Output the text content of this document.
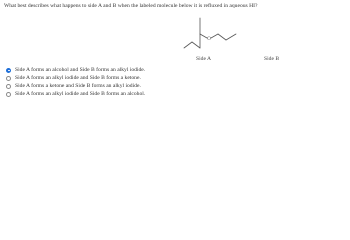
What best describes what happens to side A and B when the labeled molecule below it is refluxed in aqueous HI?
O
Side A	Side B
Side A forms an alcohol and Side B forms an alkyl iodide.
Side A forms an alkyl iodide and Side B forms a ketone.
Side A forms a ketone and Side B forms an alkyl iodide.
Side A forms an alkyl iodide and Side B forms an alcohol.
